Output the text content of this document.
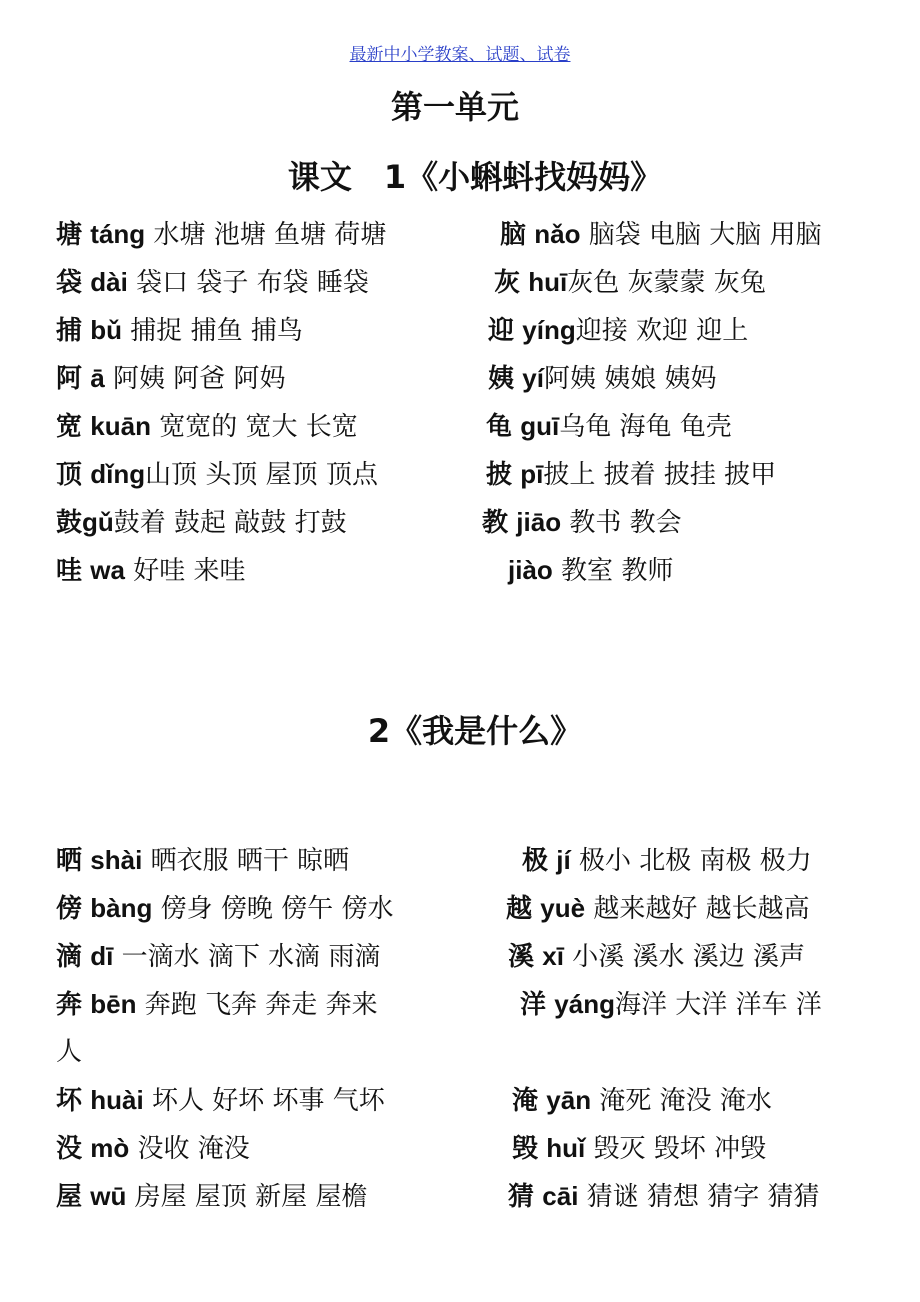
最新中小学教案、试题、试卷
第一单元
课文　1《小蝌蚪找妈妈》
塘 táng 水塘 池塘 鱼塘 荷塘
袋 dài 袋口 袋子 布袋 睡袋
捕 bǔ 捕捉 捕鱼 捕鸟
阿 ā 阿姨 阿爸 阿妈
宽 kuān 宽宽的 宽大 长宽
顶 dǐng山顶 头顶 屋顶 顶点
鼓gǔ鼓着 鼓起 敲鼓 打鼓
哇 wa 好哇 来哇
脑 nǎo 脑袋 电脑 大脑 用脑
灰 huī灰色 灰蒙蒙 灰兔
迎 yíng迎接 欢迎 迎上
姨 yí阿姨 姨娘 姨妈
龟 guī乌龟 海龟 龟壳
披 pī披上 披着 披挂 披甲
教 jiāo 教书 教会
jiào 教室 教师
2《我是什么》
晒 shài 晒衣服 晒干 晾晒
傍 bàng 傍身 傍晚 傍午 傍水
滴 dī 一滴水 滴下 水滴 雨滴
奔 bēn 奔跑 飞奔 奔走 奔来
人
坏 huài 坏人 好坏 坏事 气坏
没 mò 没收 淹没
屋 wū 房屋 屋顶 新屋 屋檐
极 jí 极小 北极 南极 极力
越 yuè 越来越好 越长越高
溪 xī 小溪 溪水 溪边 溪声
洋 yáng海洋 大洋 洋车 洋
淹 yān 淹死 淹没 淹水
毁 huǐ 毁灭 毁坏 冲毁
猜 cāi 猜谜 猜想 猜字 猜猜
